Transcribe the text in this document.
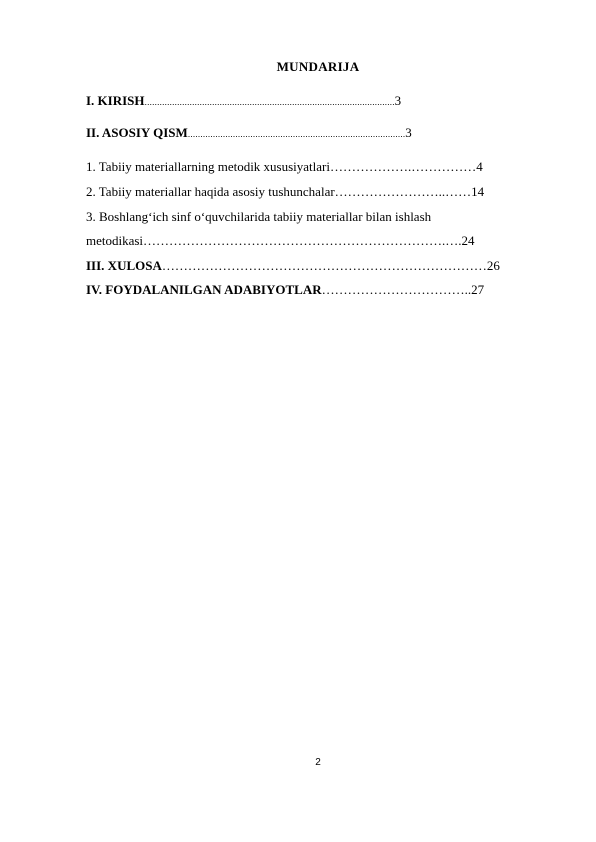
MUNDARIJA
I. KIRISH....................................................................................................3
II. ASOSIY QISM.......................................................................................3
1. Tabiiy materiallarning metodik xususiyatlari……………….……………4
2. Tabiiy materiallar haqida asosiy tushunchalar……………………..……14
3. Boshlang‘ich sinf o‘quvchilarida tabiiy materiallar bilan ishlash
metodikasi…………………………………………………………….….24
III. XULOSA…………………………………………………………………26
IV. FOYDALANILGAN ADABIYOTLAR……………………………..27
2
